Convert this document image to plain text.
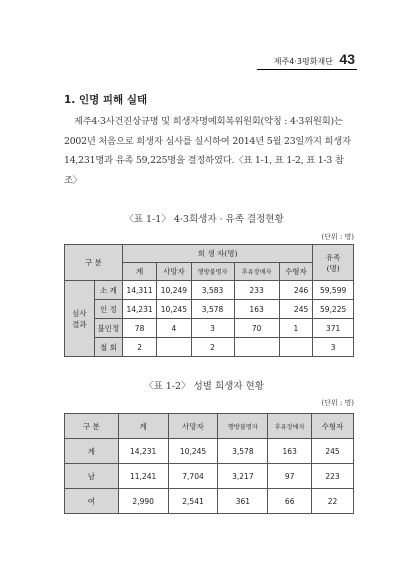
제주4·3평화재단 43
1. 인명 피해 실태
제주4·3사건진상규명 및 희생자명예회복위원회(약칭 : 4·3위원회)는 2002년 처음으로 희생자 심사를 실시하여 2014년 5월 23일까지 희생자 14,231명과 유족 59,225명을 결정하였다.〈표 1-1, 표 1-2, 표 1-3 참조〉
〈표 1-1〉 4·3희생자 · 유족 결정현황
(단위 : 명)
구 분		희 생 자(명)					유족
(명)
		계	사망자	행방불명자	후유장애자	수형자	
심사결과	소 계	14,311	10,249	3,583	233	246	59,599
	인 정	14,231	10,245	3,578	163	245	59,225
	불인정	78	4	3	70	1	371
	철 회	2		2			3
〈표 1-2〉 성별 희생자 현황
(단위 : 명)
구 분	계	사망자	행방불명자	후유장애자	수형자
계	14,231	10,245	3,578	163	245
남	11,241	7,704	3,217	97	223
여	2,990	2,541	361	66	22
